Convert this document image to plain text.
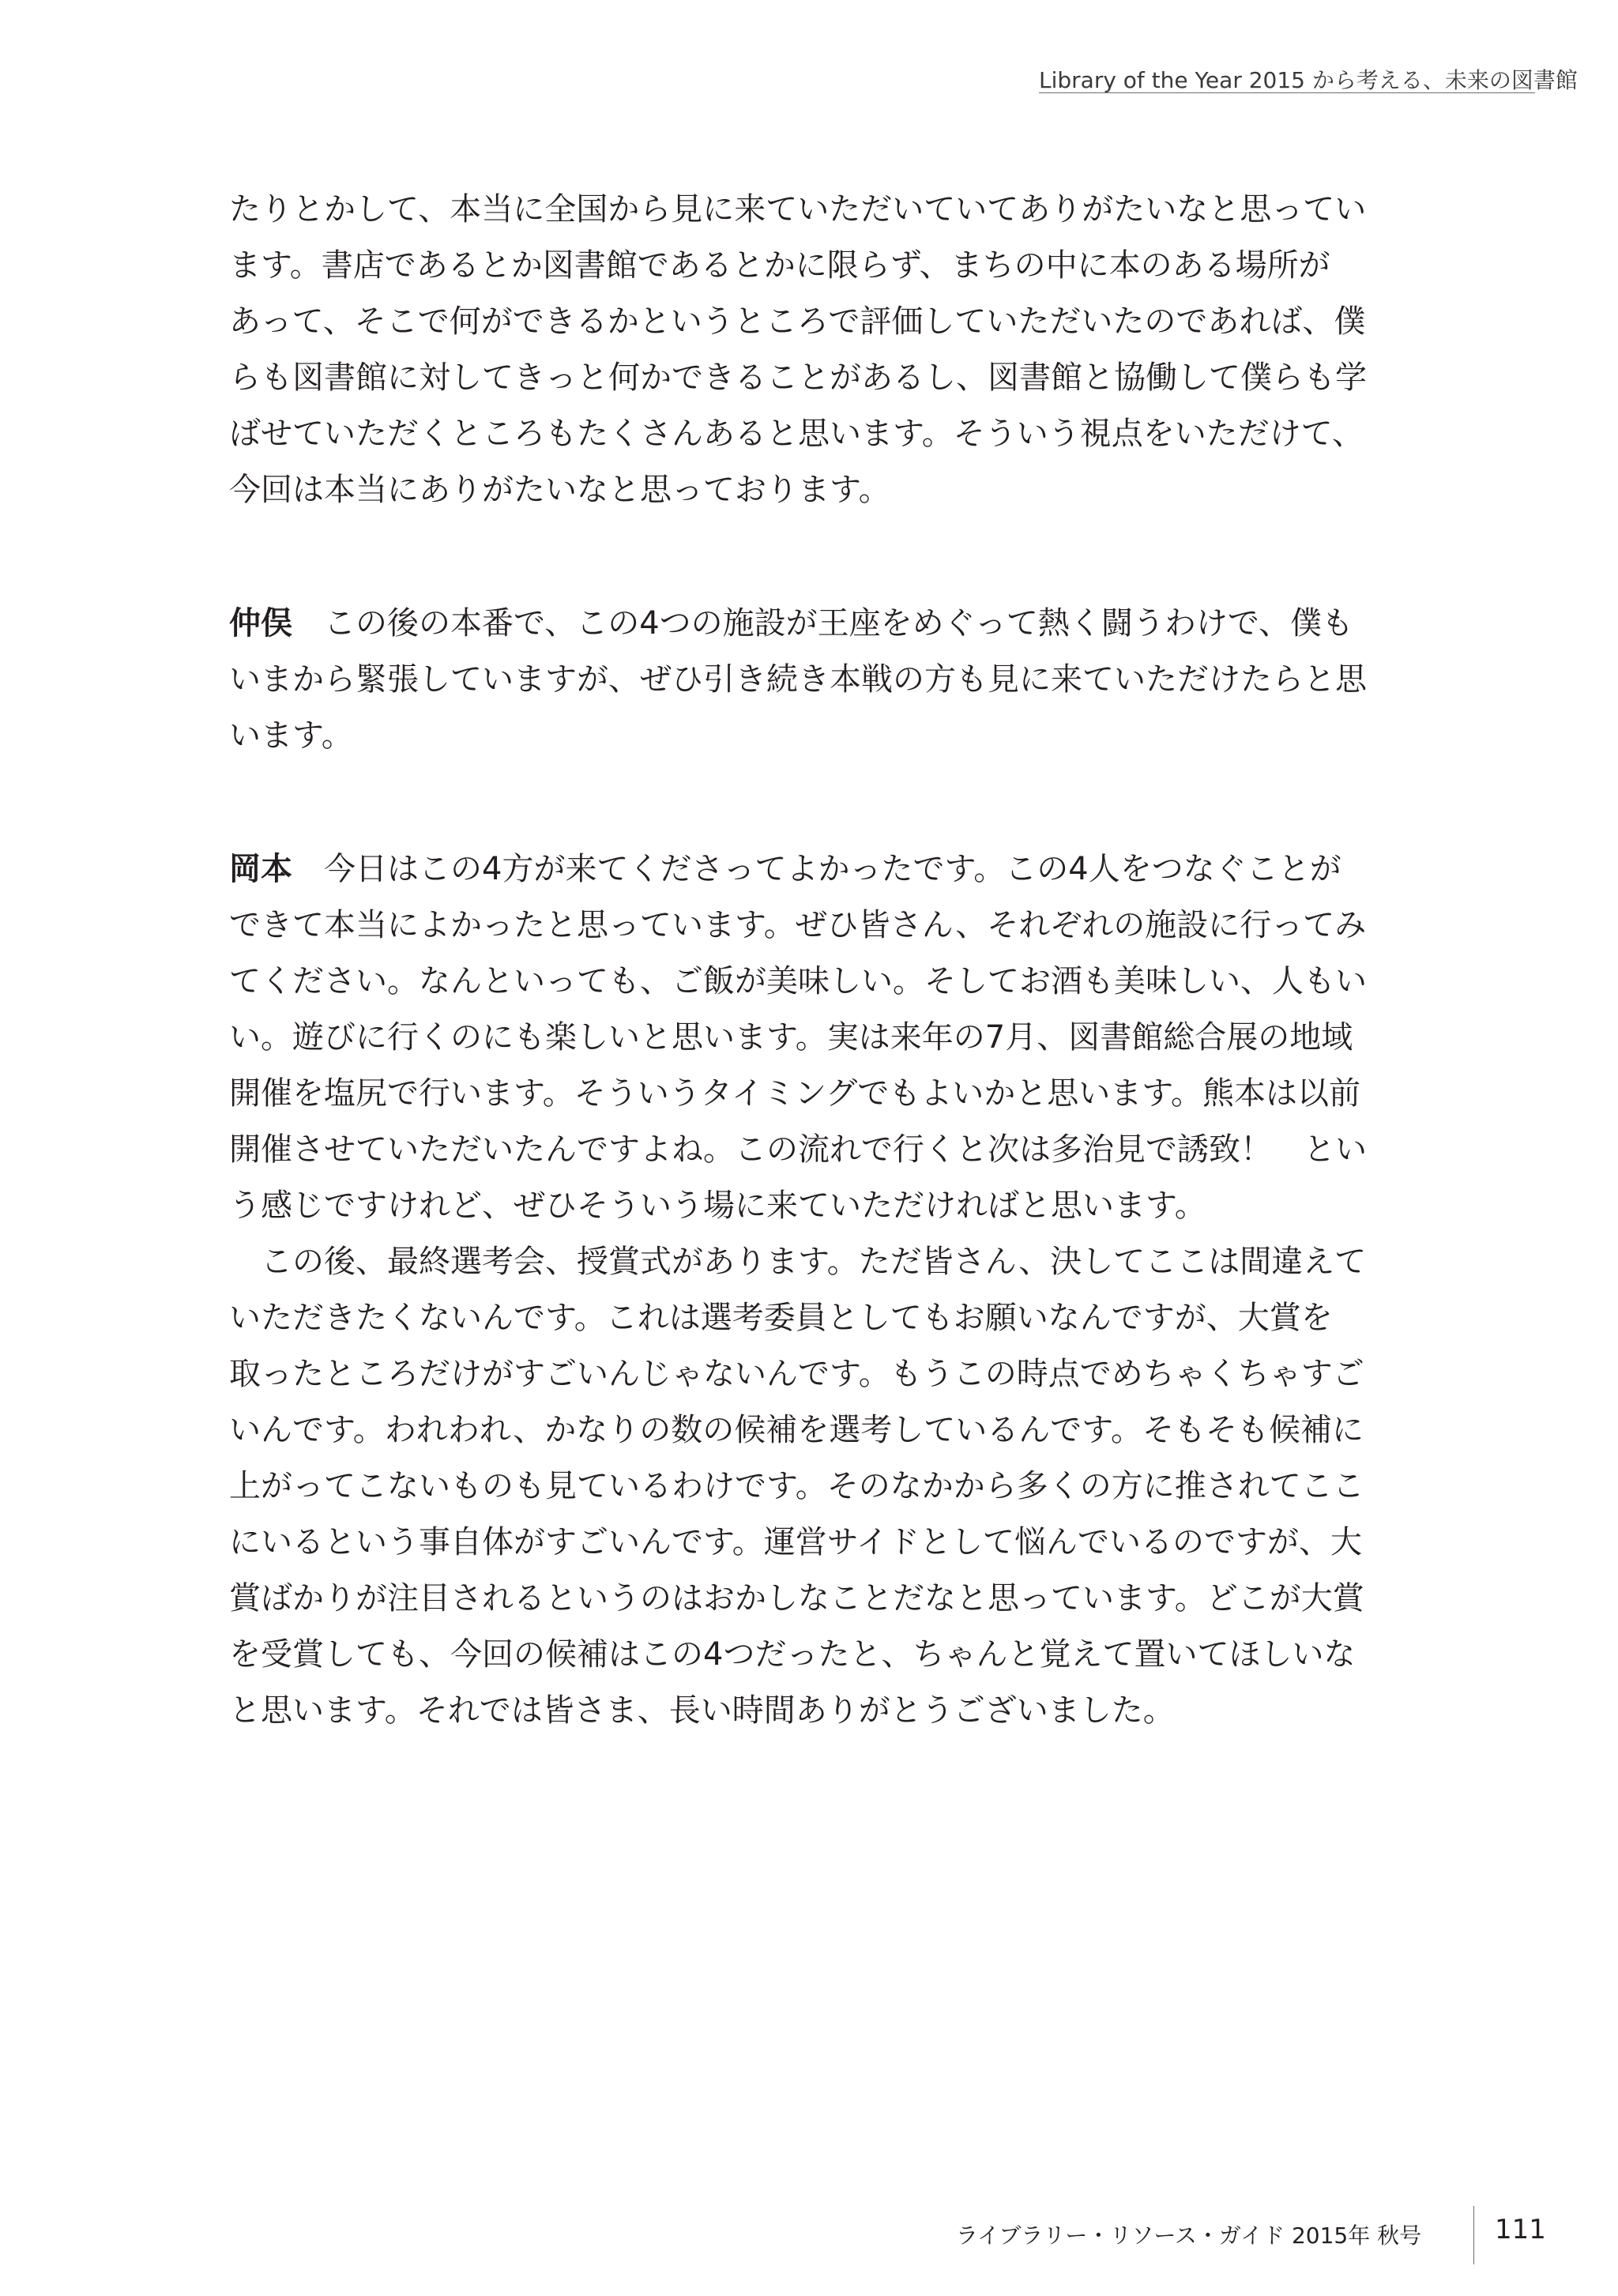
Library of the Year 2015 から考える、未来の図書館
たりとかして、本当に全国から見に来ていただいていてありがたいなと思ってい
ます。書店であるとか図書館であるとかに限らず、まちの中に本のある場所が
あって、そこで何ができるかというところで評価していただいたのであれば、僕
らも図書館に対してきっと何かできることがあるし、図書館と協働して僕らも学
ばせていただくところもたくさんあると思います。そういう視点をいただけて、
今回は本当にありがたいなと思っております。
仲俣 この後の本番で、この4つの施設が王座をめぐって熱く闘うわけで、僕も
いまから緊張していますが、ぜひ引き続き本戦の方も見に来ていただけたらと思
います。
岡本 今日はこの4方が来てくださってよかったです。この4人をつなぐことが
できて本当によかったと思っています。ぜひ皆さん、それぞれの施設に行ってみ
てください。なんといっても、ご飯が美味しい。そしてお酒も美味しい、人もい
い。遊びに行くのにも楽しいと思います。実は来年の7月、図書館総合展の地域
開催を塩尻で行います。そういうタイミングでもよいかと思います。熊本は以前
開催させていただいたんですよね。この流れで行くと次は多治見で誘致！　とい
う感じですけれど、ぜひそういう場に来ていただければと思います。
　この後、最終選考会、授賞式があります。ただ皆さん、決してここは間違えて
いただきたくないんです。これは選考委員としてもお願いなんですが、大賞を
取ったところだけがすごいんじゃないんです。もうこの時点でめちゃくちゃすご
いんです。われわれ、かなりの数の候補を選考しているんです。そもそも候補に
上がってこないものも見ているわけです。そのなかから多くの方に推されてここ
にいるという事自体がすごいんです。運営サイドとして悩んでいるのですが、大
賞ばかりが注目されるというのはおかしなことだなと思っています。どこが大賞
を受賞しても、今回の候補はこの4つだったと、ちゃんと覚えて置いてほしいな
と思います。それでは皆さま、長い時間ありがとうございました。
ライブラリー・リソース・ガイド 2015年 秋号	111
